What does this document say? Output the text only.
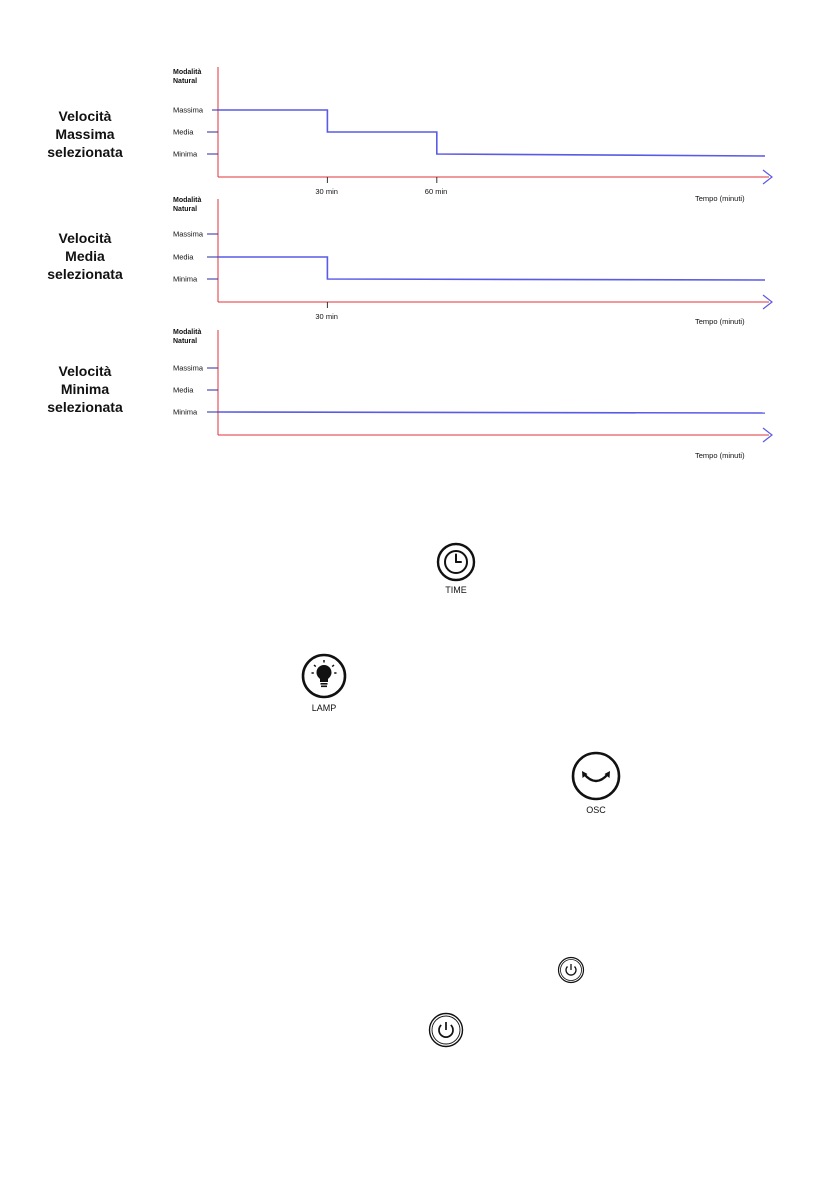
Velocità
Massima
selezionata
Velocità
Media
selezionata
Velocità
Minima
selezionata
Modalità
Natural
Massima
Media
Minima
30 min	60 min
Tempo (minuti)
Modalità
Natural
Massima
Media
Minima
30 min
Tempo (minuti)
Modalità
Natural
Massima
Media
Minima
Tempo (minuti)
TIME
LAMP
OSC
